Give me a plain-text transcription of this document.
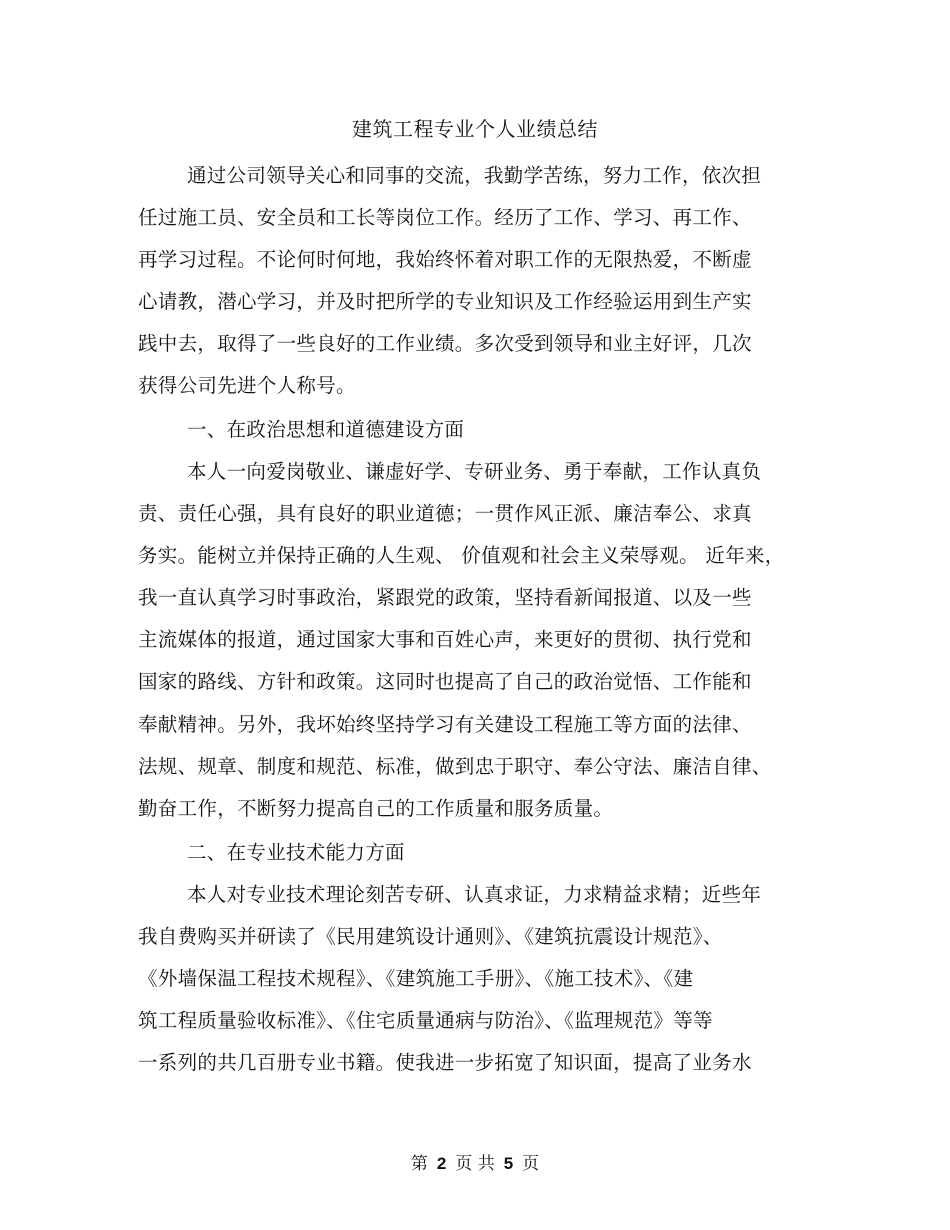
建筑工程专业个人业绩总结
通过公司领导关心和同事的交流，我勤学苦练，努力工作，依次担
任过施工员、安全员和工长等岗位工作。经历了工作、学习、再工作、
再学习过程。不论何时何地，我始终怀着对职工作的无限热爱，不断虚
心请教，潜心学习，并及时把所学的专业知识及工作经验运用到生产实
践中去，取得了一些良好的工作业绩。多次受到领导和业主好评，几次
获得公司先进个人称号。
一、在政治思想和道德建设方面
本人一向爱岗敬业、谦虚好学、专研业务、勇于奉献，工作认真负
责、责任心强，具有良好的职业道德；一贯作风正派、廉洁奉公、求真
务实。能树立并保持正确的人生观、 价值观和社会主义荣辱观。 近年来，
我一直认真学习时事政治，紧跟党的政策，坚持看新闻报道、以及一些
主流媒体的报道，通过国家大事和百姓心声，来更好的贯彻、执行党和
国家的路线、方针和政策。这同时也提高了自己的政治觉悟、工作能和
奉献精神。另外，我坏始终坚持学习有关建设工程施工等方面的法律、
法规、规章、制度和规范、标准，做到忠于职守、奉公守法、廉洁自律、
勤奋工作，不断努力提高自己的工作质量和服务质量。
二、在专业技术能力方面
本人对专业技术理论刻苦专研、认真求证，力求精益求精；近些年
我自费购买并研读了《民用建筑设计通则》、《建筑抗震设计规范》、
《外墙保温工程技术规程》、《建筑施工手册》、《施工技术》、《建
筑工程质量验收标准》、《住宅质量通病与防治》、《监理规范》等等
一系列的共几百册专业书籍。使我进一步拓宽了知识面，提高了业务水
第 2 页 共 5 页
